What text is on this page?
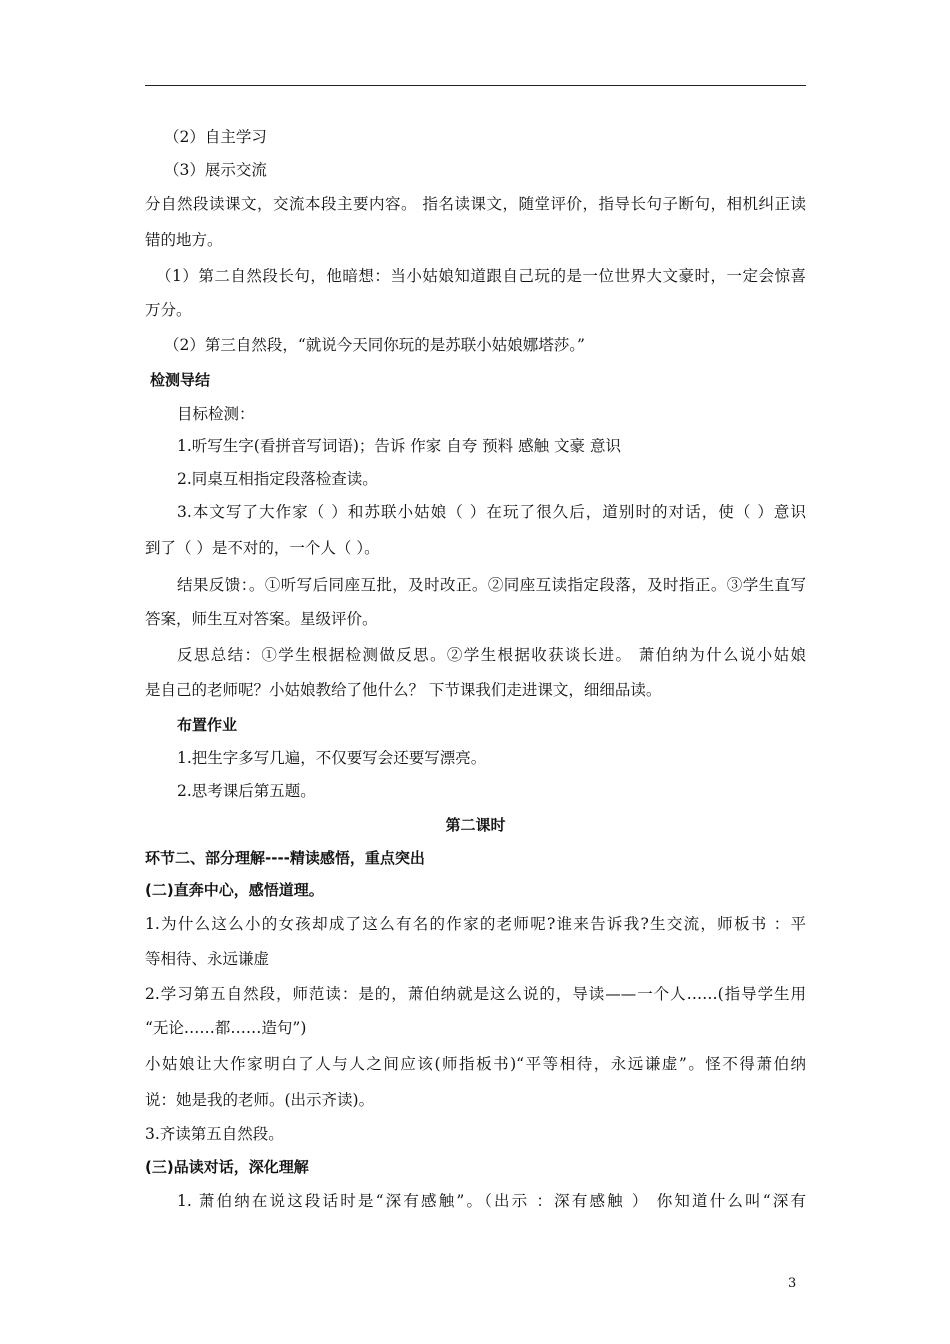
（2）自主学习
（3）展示交流
分自然段读课文，交流本段主要内容。 指名读课文，随堂评价，指导长句子断句，相机纠正读
错的地方。
（1）第二自然段长句，他暗想：当小姑娘知道跟自己玩的是一位世界大文豪时，一定会惊喜
万分。
（2）第三自然段，“就说今天同你玩的是苏联小姑娘娜塔莎。”
检测导结
目标检测：
1.听写生字(看拼音写词语)；告诉 作家 自夸 预料 感触 文豪 意识
2.同桌互相指定段落检查读。
3.本文写了大作家（ ）和苏联小姑娘（ ）在玩了很久后，道别时的对话，使（ ）意识
到了（ ）是不对的，一个人（ ）。
结果反馈：。①听写后同座互批，及时改正。②同座互读指定段落，及时指正。③学生直写
答案，师生互对答案。星级评价。
反思总结：①学生根据检测做反思。②学生根据收获谈长进。 萧伯纳为什么说小姑娘
是自己的老师呢？小姑娘教给了他什么？ 下节课我们走进课文，细细品读。
布置作业
1.把生字多写几遍，不仅要写会还要写漂亮。
2.思考课后第五题。
第二课时
环节二、部分理解----精读感悟，重点突出
(二)直奔中心，感悟道理。
1.为什么这么小的女孩却成了这么有名的作家的老师呢?谁来告诉我?生交流，师板书 ：平
等相待、永远谦虚
2.学习第五自然段，师范读：是的，萧伯纳就是这么说的，导读——一个人……(指导学生用
“无论……都……造句”)
小姑娘让大作家明白了人与人之间应该(师指板书)“平等相待，永远谦虚”。怪不得萧伯纳
说：她是我的老师。(出示齐读)。
3.齐读第五自然段。
(三)品读对话，深化理解
1. 萧伯纳在说这段话时是“深有感触”。（出示 ：深有感触 ） 你知道什么叫“深有
3
